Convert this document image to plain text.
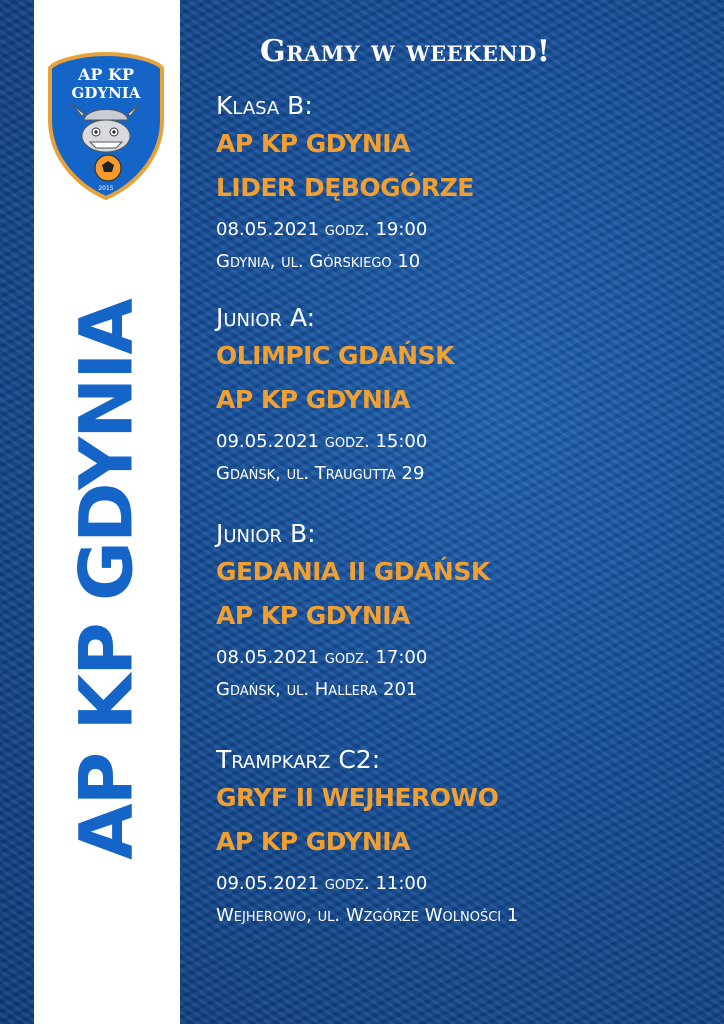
AP KP
GDYNIA
2015
AP KP GDYNIA
Gramy w weekend!
Klasa B:
AP KP GDYNIA
LIDER DĘBOGÓRZE
08.05.2021 godz. 19:00
Gdynia, ul. Górskiego 10
Junior A:
OLIMPIC GDAŃSK
AP KP GDYNIA
09.05.2021 godz. 15:00
Gdańsk, ul. Traugutta 29
Junior B:
GEDANIA II GDAŃSK
AP KP GDYNIA
08.05.2021 godz. 17:00
Gdańsk, ul. Hallera 201
Trampkarz C2:
GRYF II WEJHEROWO
AP KP GDYNIA
09.05.2021 godz. 11:00
Wejherowo, ul. Wzgórze Wolności 1
